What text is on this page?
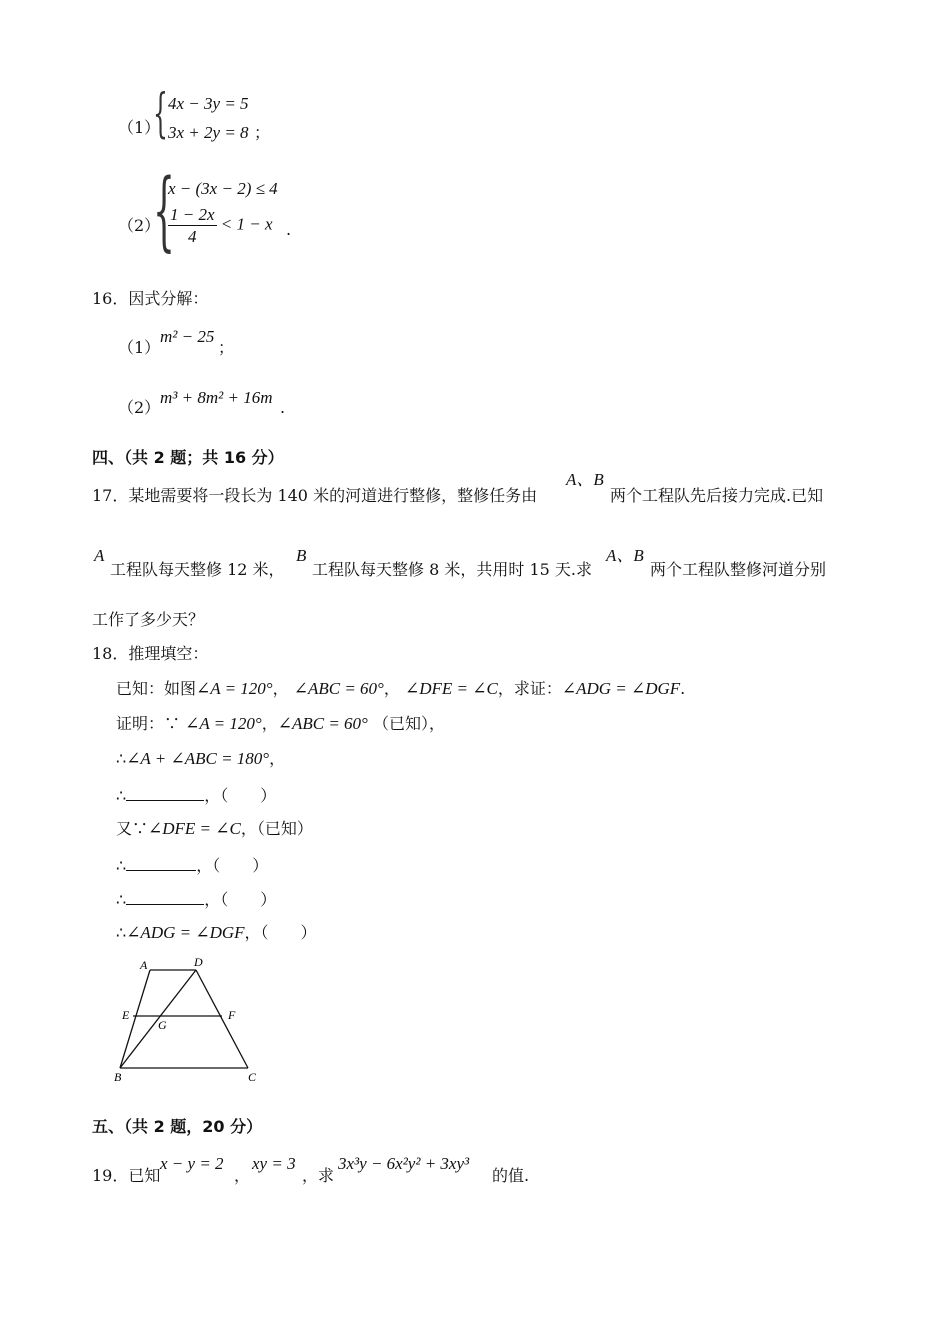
（1）
{ 4x − 3y = 5
3x + 2y = 8 ；
（2）
{
x − (3x − 2) ≤ 4
$\frac{1 - 2x}{4} < 1 - x$ .
16．因式分解：
（1）
m² − 25
；
（2）
m³ + 8m² + 16m
.
四、（共 2 题；共 16 分）
17．某地需要将一段长为 140 米的河道进行整修，整修任务由
A、B
两个工程队先后接力完成.已知
A
工程队每天整修 12 米，
B
工程队每天整修 8 米，共用时 15 天.求
A、B
两个工程队整修河道分别
工作了多少天？
18．推理填空：
已知：如图∠A = 120°， ∠ABC = 60°， ∠DFE = ∠C，求证：∠ADG = ∠DGF.
证明：∵ ∠A = 120°，∠ABC = 60° （已知），
∴∠A + ∠ABC = 180°，
∴	，（　　）
又∵∠DFE = ∠C，（已知）
∴	，（　　）
∴	，（　　）
∴∠ADG = ∠DGF，（　　）
A	D
E	F
G
B	C
五、（共 2 题，20 分）
19．已知
x − y = 2
，
xy = 3
，求
3x³y − 6x²y² + 3xy³
的值.
